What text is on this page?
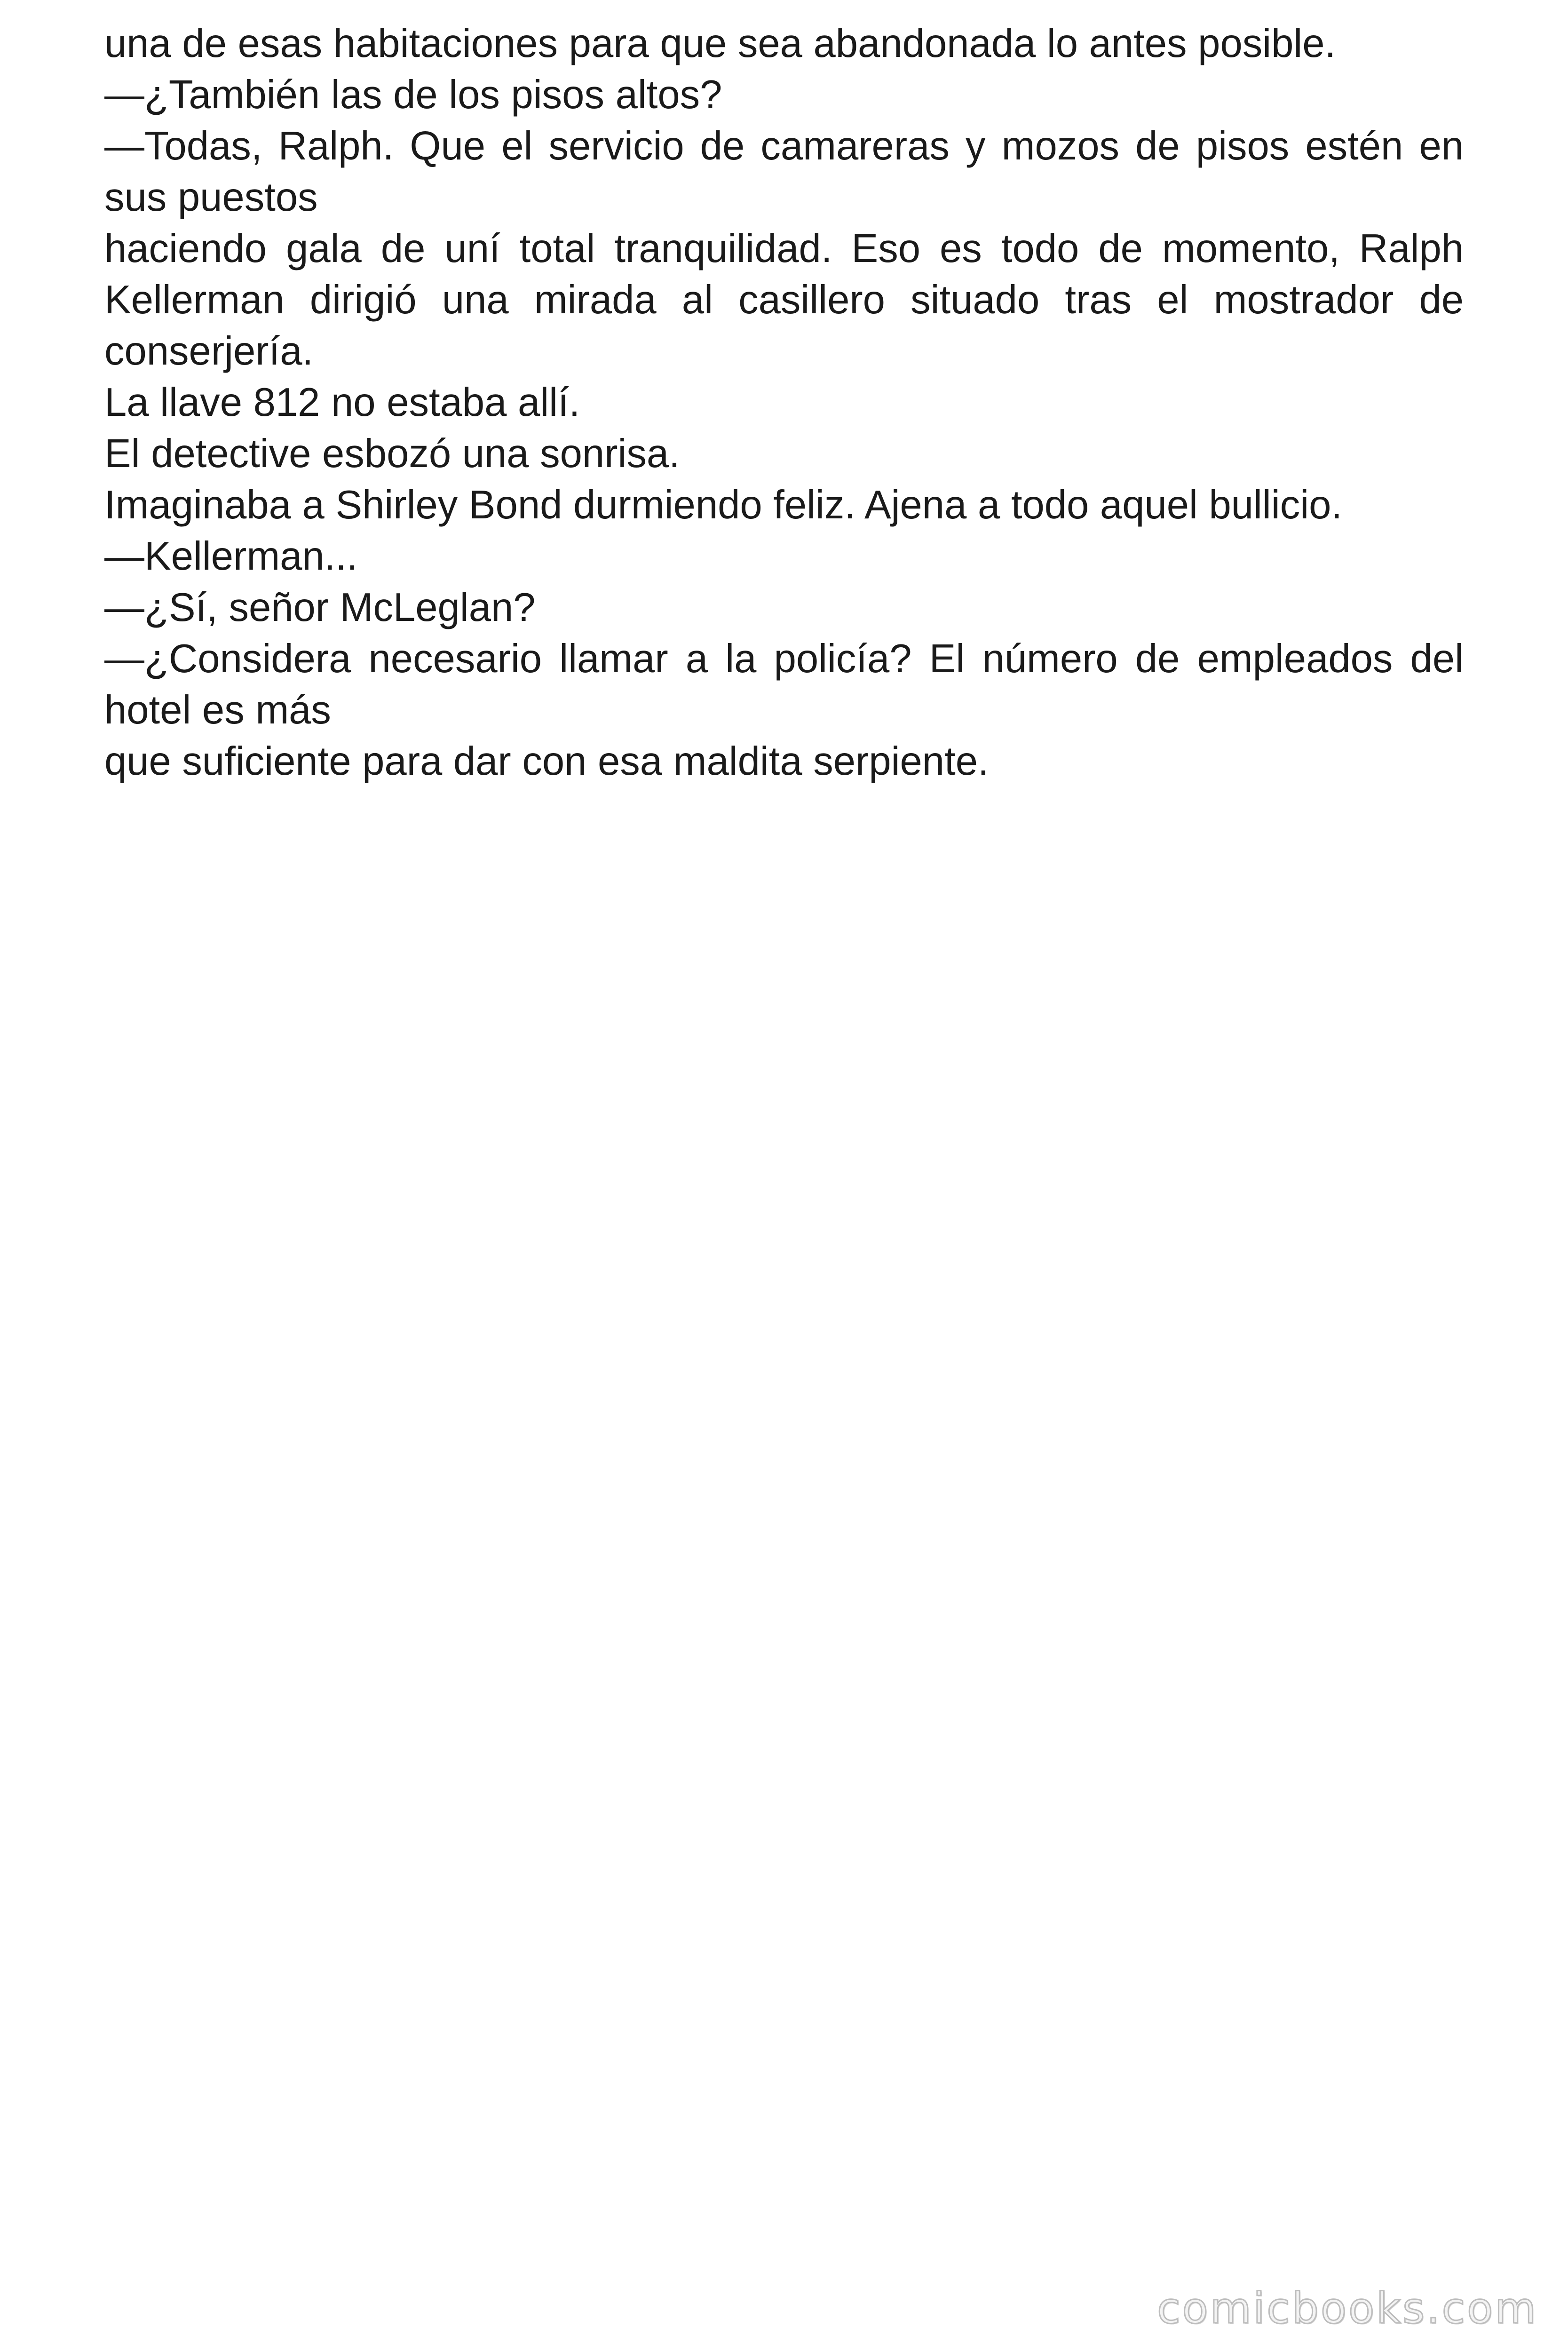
una de esas habitaciones para que sea abandonada lo antes posible.

—¿También las de los pisos altos?

—Todas, Ralph. Que el servicio de camareras y mozos de pisos estén en sus puestos

haciendo gala de uní total tranquilidad. Eso es todo de momento, Ralph Kellerman dirigió una mirada al casillero situado tras el mostrador de conserjería.

La llave 812 no estaba allí.

El detective esbozó una sonrisa.

Imaginaba a Shirley Bond durmiendo feliz. Ajena a todo aquel bullicio.

—Kellerman...

—¿Sí, señor McLeglan?

—¿Considera necesario llamar a la policía? El número de empleados del hotel es más

que suficiente para dar con esa maldita serpiente.

comicbooks.com
